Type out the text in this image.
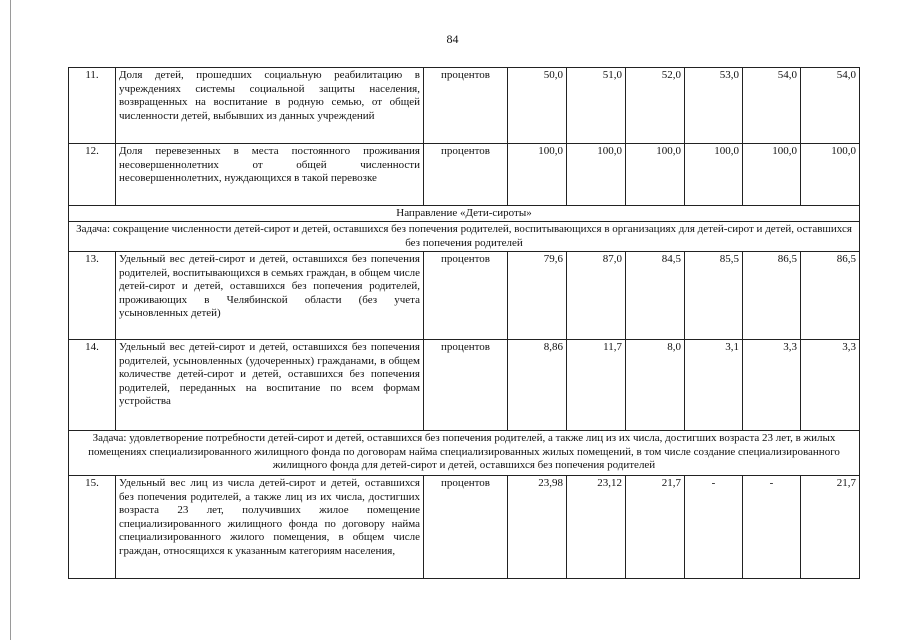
84
11.	Доля детей, прошедших социальную реабилитацию в учреждениях системы социальной защиты населения, возвращенных на воспитание в родную семью, от общей численности детей, выбывших из данных учреждений	процентов	50,0	51,0	52,0	53,0	54,0	54,0
12.	Доля перевезенных в места постоянного проживания несовершеннолетних от общей численности несовершеннолетних, нуждающихся в такой перевозке	процентов	100,0	100,0	100,0	100,0	100,0	100,0
Направление «Дети-сироты»								
Задача: сокращение численности детей-сирот и детей, оставшихся без попечения родителей, воспитывающихся в организациях для детей-сирот и детей, оставшихся без попечения родителей								
13.	Удельный вес детей-сирот и детей, оставшихся без попечения родителей, воспитывающихся в семьях граждан, в общем числе детей-сирот и детей, оставшихся без попечения родителей, проживающих в Челябинской области (без учета усыновленных детей)	процентов	79,6	87,0	84,5	85,5	86,5	86,5
14.	Удельный вес детей-сирот и детей, оставшихся без попечения родителей, усыновленных (удочеренных) гражданами, в общем количестве детей-сирот и детей, оставшихся без попечения родителей, переданных на воспитание по всем формам устройства	процентов	8,86	11,7	8,0	3,1	3,3	3,3
Задача: удовлетворение потребности детей-сирот и детей, оставшихся без попечения родителей, а также лиц из их числа, достигших возраста 23 лет, в жилых помещениях специализированного жилищного фонда по договорам найма специализированных жилых помещений, в том числе создание специализированного жилищного фонда для детей-сирот и детей, оставшихся без попечения родителей								
15.	Удельный вес лиц из числа детей-сирот и детей, оставшихся без попечения родителей, а также лиц из их числа, достигших возраста 23 лет, получивших жилое помещение специализированного жилищного фонда по договору найма специализированного жилого помещения, в общем числе граждан, относящихся к указанным категориям населения,	процентов	23,98	23,12	21,7	-	-	21,7
